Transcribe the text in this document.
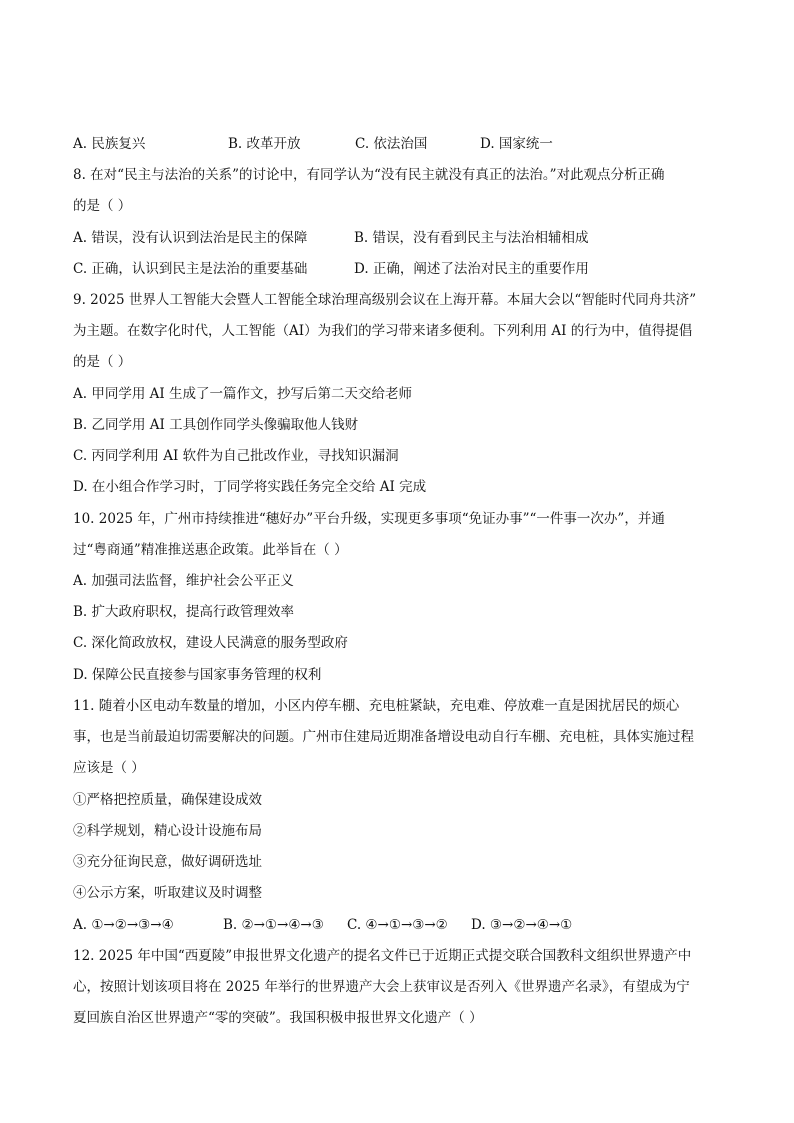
A. 民族复兴	B. 改革开放	C. 依法治国	D. 国家统一
8. 在对“民主与法治的关系”的讨论中，有同学认为“没有民主就没有真正的法治。”对此观点分析正确
的是（ ）
A. 错误，没有认识到法治是民主的保障	B. 错误，没有看到民主与法治相辅相成
C. 正确，认识到民主是法治的重要基础	D. 正确，阐述了法治对民主的重要作用
9. 2025 世界人工智能大会暨人工智能全球治理高级别会议在上海开幕。本届大会以“智能时代同舟共济”
为主题。在数字化时代，人工智能（AI）为我们的学习带来诸多便利。下列利用 AI 的行为中，值得提倡
的是（ ）
A. 甲同学用 AI 生成了一篇作文，抄写后第二天交给老师
B. 乙同学用 AI 工具创作同学头像骗取他人钱财
C. 丙同学利用 AI 软件为自己批改作业，寻找知识漏洞
D. 在小组合作学习时，丁同学将实践任务完全交给 AI 完成
10. 2025 年，广州市持续推进“穗好办”平台升级，实现更多事项“免证办事”“一件事一次办”，并通
过“粤商通”精准推送惠企政策。此举旨在（ ）
A. 加强司法监督，维护社会公平正义
B. 扩大政府职权，提高行政管理效率
C. 深化简政放权，建设人民满意的服务型政府
D. 保障公民直接参与国家事务管理的权利
11. 随着小区电动车数量的增加，小区内停车棚、充电桩紧缺，充电难、停放难一直是困扰居民的烦心
事，也是当前最迫切需要解决的问题。广州市住建局近期准备增设电动自行车棚、充电桩，具体实施过程
应该是（ ）
①严格把控质量，确保建设成效
②科学规划，精心设计设施布局
③充分征询民意，做好调研选址
④公示方案，听取建议及时调整
A. ①→②→③→④	B. ②→①→④→③	C. ④→①→③→②	D. ③→②→④→①
12. 2025 年中国“西夏陵”申报世界文化遗产的提名文件已于近期正式提交联合国教科文组织世界遗产中
心，按照计划该项目将在 2025 年举行的世界遗产大会上获审议是否列入《世界遗产名录》，有望成为宁
夏回族自治区世界遗产“零的突破”。我国积极申报世界文化遗产（ ）
